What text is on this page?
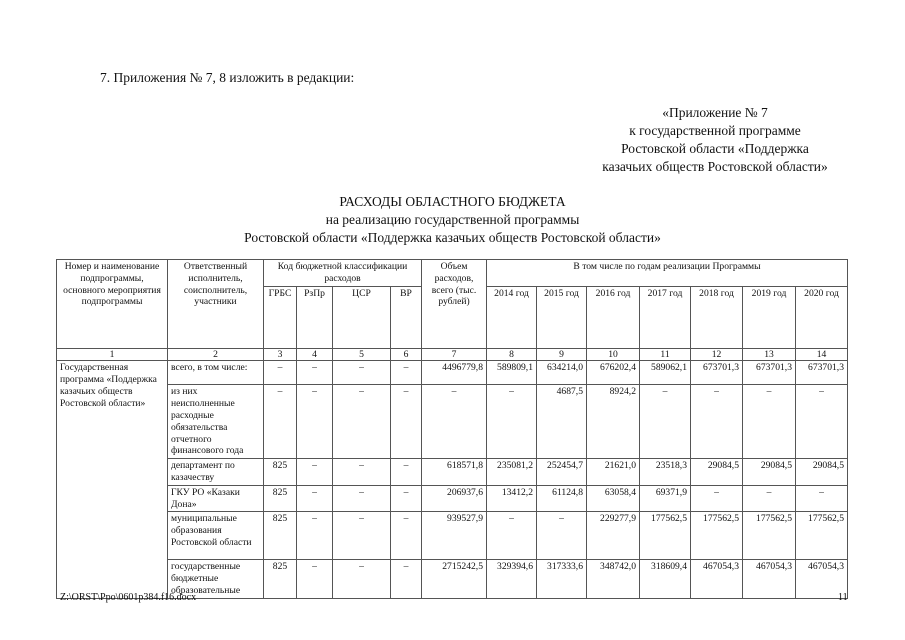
7. Приложения № 7, 8 изложить в редакции:
«Приложение № 7
к государственной программе
Ростовской области «Поддержка
казачьих обществ Ростовской области»
РАСХОДЫ ОБЛАСТНОГО БЮДЖЕТА
на реализацию государственной программы
Ростовской области «Поддержка казачьих обществ Ростовской области»
Номер и наименование подпрограммы, основного мероприятия подпрограммы	Ответственный исполнитель, соисполнитель, участники	Код бюджетной классификации расходов				Объем расходов, всего (тыс. рублей)	В том числе по годам реализации Программы						
		ГРБС	РзПр	ЦСР	ВР		2014 год	2015 год	2016 год	2017 год	2018 год	2019 год	2020 год
1	2	3	4	5	6	7	8	9	10	11	12	13	14
Государственная программа «Поддержка казачьих обществ Ростовской области»	всего, в том числе:	–	–	–	–	4496779,8	589809,1	634214,0	676202,4	589062,1	673701,3	673701,3	673701,3
	из них неисполненные расходные обязательства отчетного финансового года	–	–	–	–	–	–	4687,5	8924,2	–	–	–	–
	департамент по казачеству	825	–	–	–	618571,8	235081,2	252454,7	21621,0	23518,3	29084,5	29084,5	29084,5
	ГКУ РО «Казаки Дона»	825	–	–	–	206937,6	13412,2	61124,8	63058,4	69371,9	–	–	–
	муниципальные образования Ростовской области	825	–	–	–	939527,9	–	–	229277,9	177562,5	177562,5	177562,5	177562,5
	государственные бюджетные образовательные	825	–	–	–	2715242,5	329394,6	317333,6	348742,0	318609,4	467054,3	467054,3	467054,3
Z:\ORST\Ppo\0601p384.f16.docx	11
